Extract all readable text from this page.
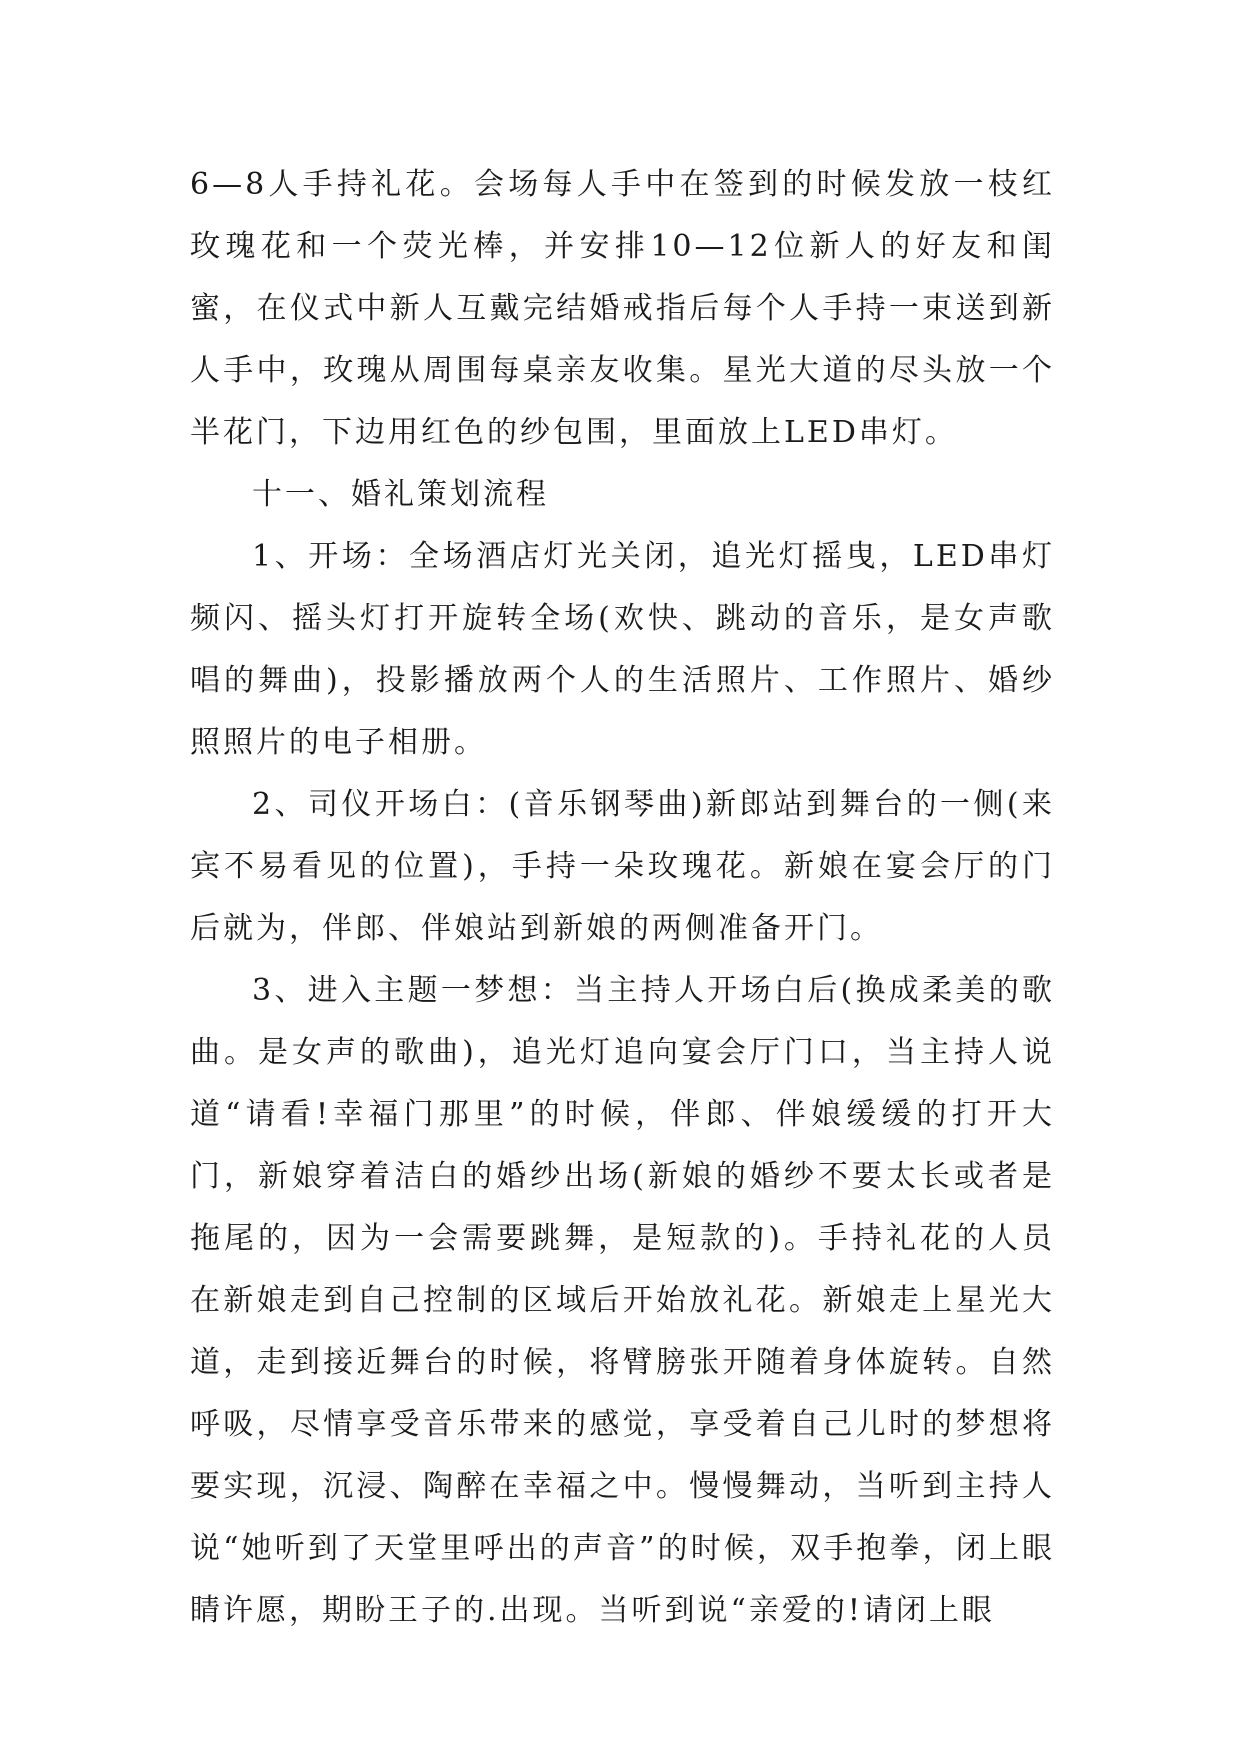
6—8人手持礼花。会场每人手中在签到的时候发放一枝红玫瑰花和一个荧光棒，并安排10—12位新人的好友和闺蜜，在仪式中新人互戴完结婚戒指后每个人手持一束送到新人手中，玫瑰从周围每桌亲友收集。星光大道的尽头放一个半花门，下边用红色的纱包围，里面放上LED串灯。

十一、婚礼策划流程

1、开场：全场酒店灯光关闭，追光灯摇曳，LED串灯频闪、摇头灯打开旋转全场(欢快、跳动的音乐，是女声歌唱的舞曲)，投影播放两个人的生活照片、工作照片、婚纱照照片的电子相册。

2、司仪开场白：(音乐钢琴曲)新郎站到舞台的一侧(来宾不易看见的位置)，手持一朵玫瑰花。新娘在宴会厅的门后就为，伴郎、伴娘站到新娘的两侧准备开门。

3、进入主题一梦想：当主持人开场白后(换成柔美的歌曲。是女声的歌曲)，追光灯追向宴会厅门口，当主持人说道“请看!幸福门那里”的时候，伴郎、伴娘缓缓的打开大门，新娘穿着洁白的婚纱出场(新娘的婚纱不要太长或者是拖尾的，因为一会需要跳舞，是短款的)。手持礼花的人员在新娘走到自己控制的区域后开始放礼花。新娘走上星光大道，走到接近舞台的时候，将臂膀张开随着身体旋转。自然呼吸，尽情享受音乐带来的感觉，享受着自己儿时的梦想将要实现，沉浸、陶醉在幸福之中。慢慢舞动，当听到主持人说“她听到了天堂里呼出的声音”的时候，双手抱拳，闭上眼睛许愿，期盼王子的.出现。当听到说“亲爱的!请闭上眼
